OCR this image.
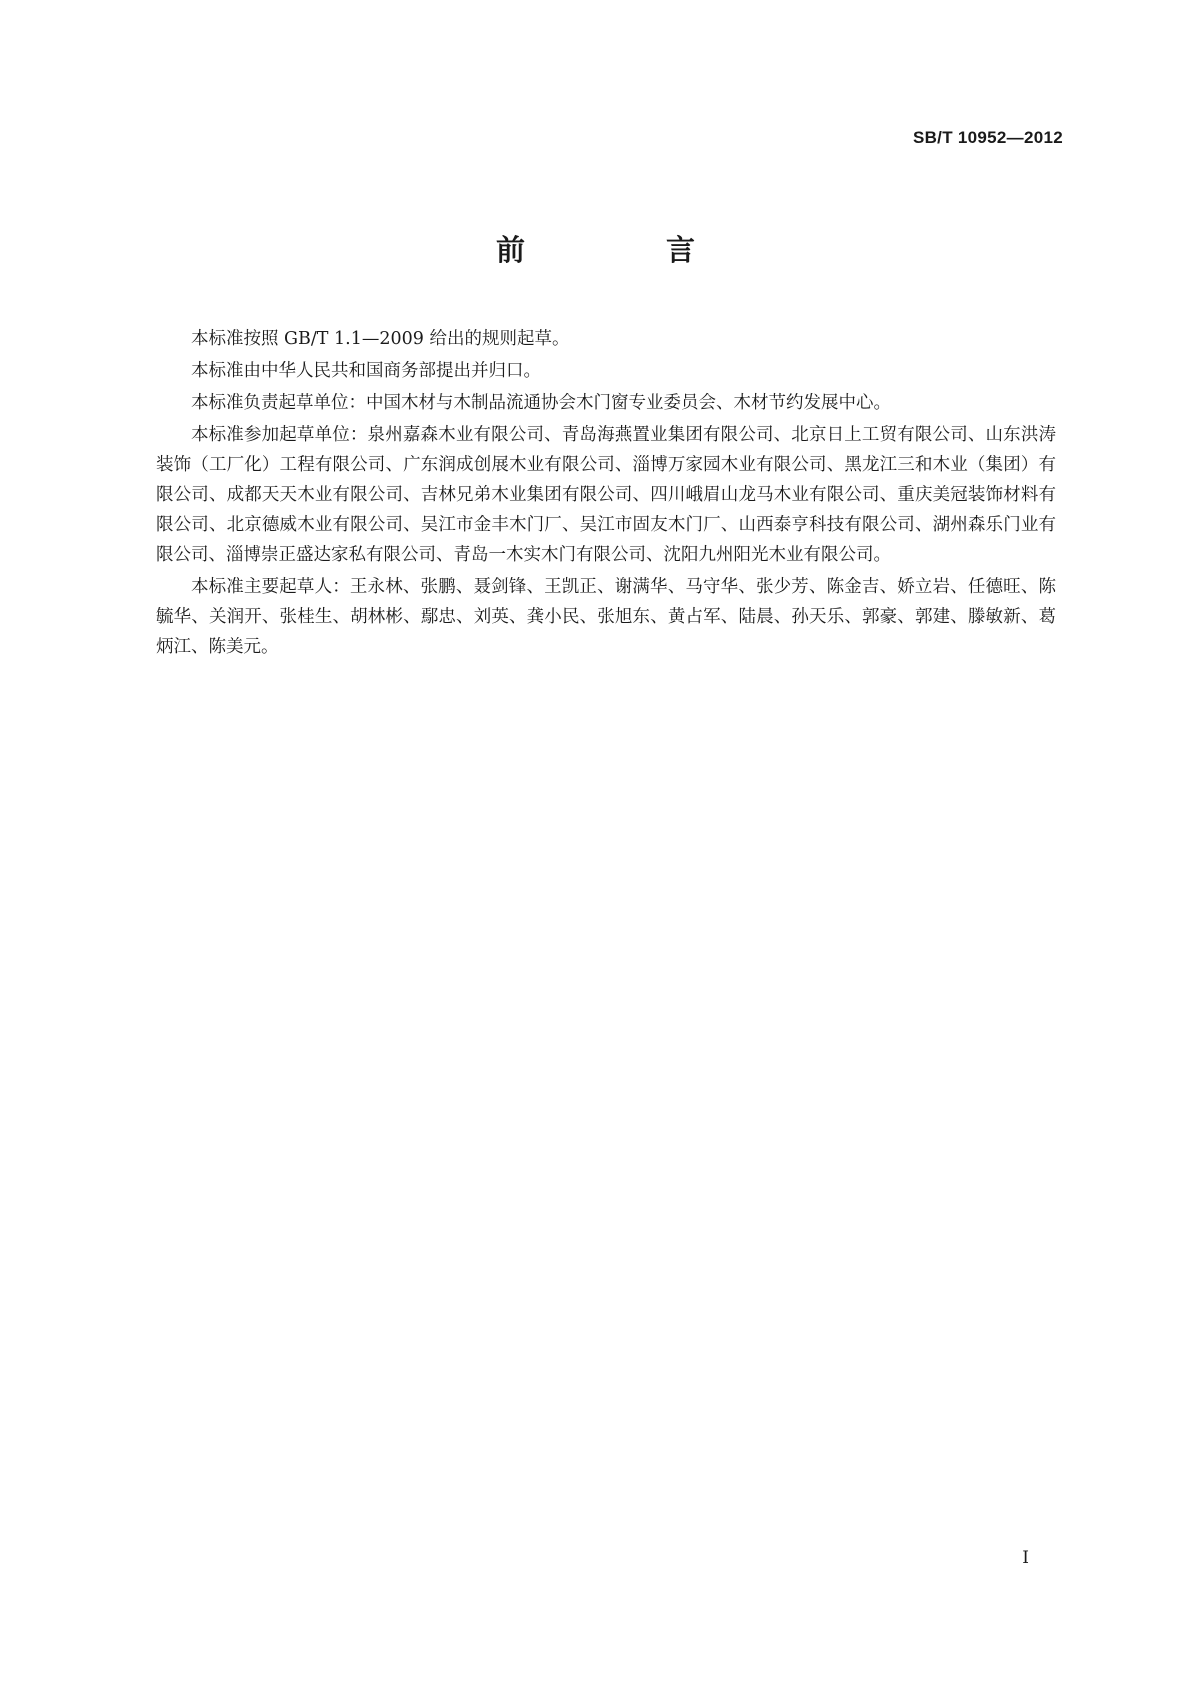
SB/T 10952—2012
前　言

本标准按照 GB/T 1.1—2009 给出的规则起草。

本标准由中华人民共和国商务部提出并归口。

本标准负责起草单位：中国木材与木制品流通协会木门窗专业委员会、木材节约发展中心。

本标准参加起草单位：泉州嘉森木业有限公司、青岛海燕置业集团有限公司、北京日上工贸有限公司、山东洪涛装饰（工厂化）工程有限公司、广东润成创展木业有限公司、淄博万家园木业有限公司、黑龙江三和木业（集团）有限公司、成都天天木业有限公司、吉林兄弟木业集团有限公司、四川峨眉山龙马木业有限公司、重庆美冠装饰材料有限公司、北京德威木业有限公司、吴江市金丰木门厂、吴江市固友木门厂、山西泰亨科技有限公司、湖州森乐门业有限公司、淄博崇正盛达家私有限公司、青岛一木实木门有限公司、沈阳九州阳光木业有限公司。

本标准主要起草人：王永林、张鹏、聂剑锋、王凯正、谢满华、马守华、张少芳、陈金吉、娇立岩、任德旺、陈毓华、关润开、张桂生、胡林彬、鄢忠、刘英、龚小民、张旭东、黄占军、陆晨、孙天乐、郭豪、郭建、滕敏新、葛炳江、陈美元。

I
